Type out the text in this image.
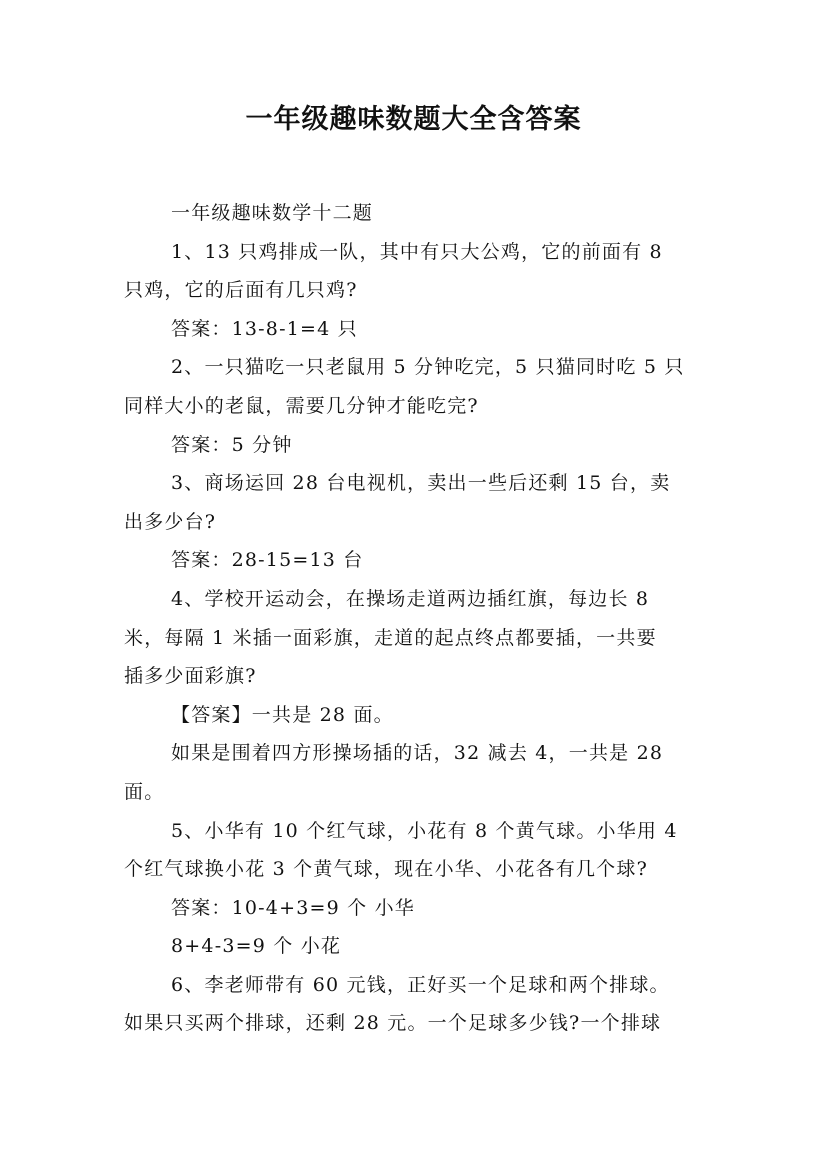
一年级趣味数题大全含答案
一年级趣味数学十二题
1、13 只鸡排成一队，其中有只大公鸡，它的前面有 8
只鸡，它的后面有几只鸡?
答案：13-8-1=4 只
2、一只猫吃一只老鼠用 5 分钟吃完，5 只猫同时吃 5 只
同样大小的老鼠，需要几分钟才能吃完?
答案：5 分钟
3、商场运回 28 台电视机，卖出一些后还剩 15 台，卖
出多少台?
答案：28-15=13 台
4、学校开运动会，在操场走道两边插红旗，每边长 8
米，每隔 1 米插一面彩旗，走道的起点终点都要插，一共要
插多少面彩旗?
【答案】一共是 28 面。
如果是围着四方形操场插的话，32 减去 4，一共是 28
面。
5、小华有 10 个红气球，小花有 8 个黄气球。小华用 4
个红气球换小花 3 个黄气球，现在小华、小花各有几个球?
答案：10-4+3=9 个 小华
8+4-3=9 个 小花
6、李老师带有 60 元钱，正好买一个足球和两个排球。
如果只买两个排球，还剩 28 元。一个足球多少钱?一个排球
